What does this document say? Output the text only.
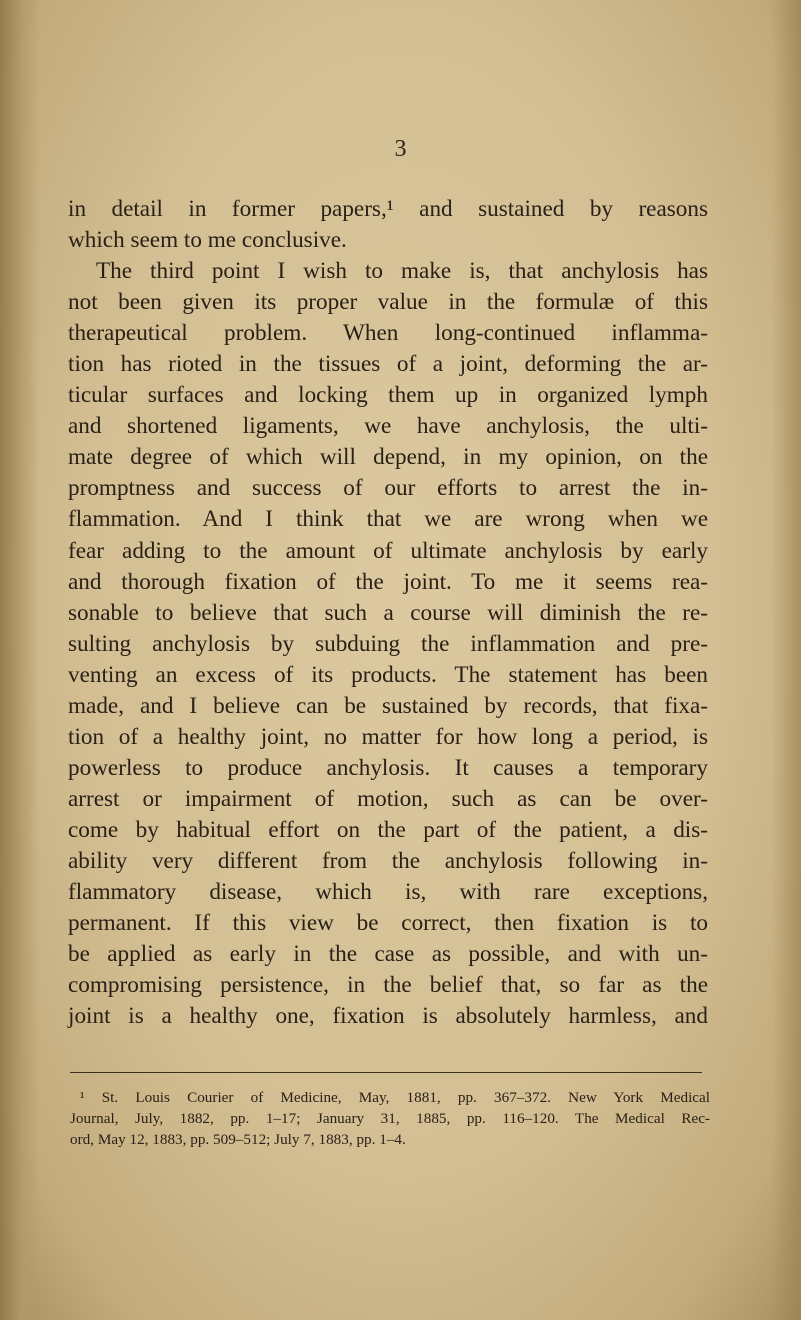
3
in detail in former papers,¹ and sustained by reasons
which seem to me conclusive.
The third point I wish to make is, that anchylosis has
not been given its proper value in the formulæ of this
therapeutical problem. When long-continued inflamma-
tion has rioted in the tissues of a joint, deforming the ar-
ticular surfaces and locking them up in organized lymph
and shortened ligaments, we have anchylosis, the ulti-
mate degree of which will depend, in my opinion, on the
promptness and success of our efforts to arrest the in-
flammation. And I think that we are wrong when we
fear adding to the amount of ultimate anchylosis by early
and thorough fixation of the joint. To me it seems rea-
sonable to believe that such a course will diminish the re-
sulting anchylosis by subduing the inflammation and pre-
venting an excess of its products. The statement has been
made, and I believe can be sustained by records, that fixa-
tion of a healthy joint, no matter for how long a period, is
powerless to produce anchylosis. It causes a temporary
arrest or impairment of motion, such as can be over-
come by habitual effort on the part of the patient, a dis-
ability very different from the anchylosis following in-
flammatory disease, which is, with rare exceptions,
permanent. If this view be correct, then fixation is to
be applied as early in the case as possible, and with un-
compromising persistence, in the belief that, so far as the
joint is a healthy one, fixation is absolutely harmless, and
¹ St. Louis Courier of Medicine, May, 1881, pp. 367–372. New York Medical
Journal, July, 1882, pp. 1–17; January 31, 1885, pp. 116–120. The Medical Rec-
ord, May 12, 1883, pp. 509–512; July 7, 1883, pp. 1–4.
